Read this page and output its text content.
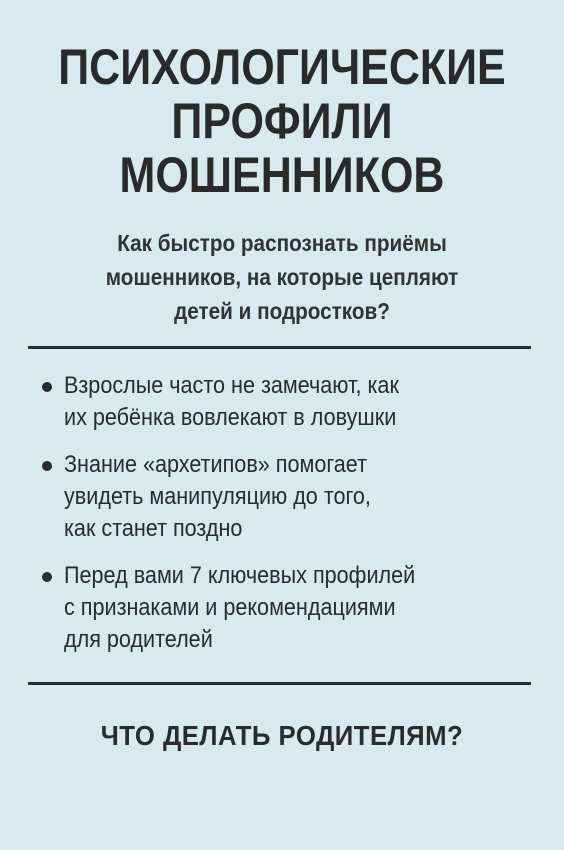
ПСИХОЛОГИЧЕСКИЕ
ПРОФИЛИ
МОШЕННИКОВ
Как быстро распознать приёмы
мошенников, на которые цепляют
детей и подростков?
Взрослые часто не замечают, как
их ребёнка вовлекают в ловушки
Знание «архетипов» помогает
увидеть манипуляцию до того,
как станет поздно
Перед вами 7 ключевых профилей
с признаками и рекомендациями
для родителей
ЧТО ДЕЛАТЬ РОДИТЕЛЯМ?
